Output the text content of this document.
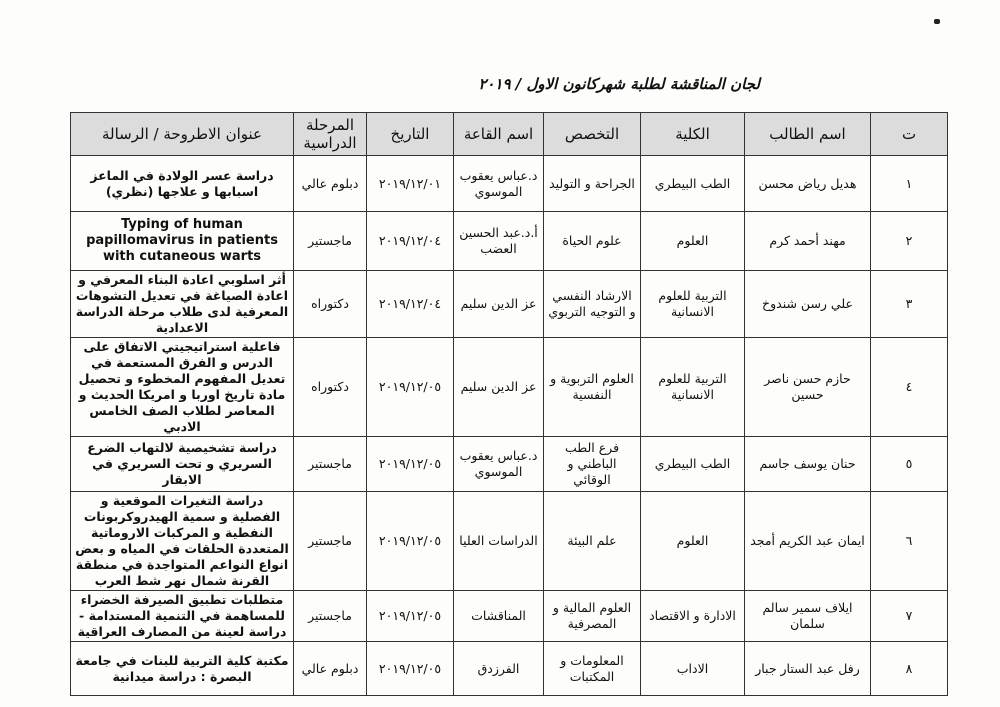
لجان المناقشة لطلبة شهركانون الاول / ٢٠١٩
ت	اسم الطالب	الكلية	التخصص	اسم القاعة	التاريخ	المرحلة الدراسية	عنوان الاطروحة / الرسالة
١	هديل رياض محسن	الطب البيطري	الجراحة و التوليد	د.عباس يعقوب الموسوي	٢٠١٩/١٢/٠١	دبلوم عالي	دراسة عسر الولادة في الماعز اسبابها و علاجها (نظري)
٢	مهند أحمد كرم	العلوم	علوم الحياة	أ.د.عبد الحسين العضب	٢٠١٩/١٢/٠٤	ماجستير	Typing of human papillomavirus in patients with cutaneous warts
٣	علي رسن شندوخ	التربية للعلوم الانسانية	الارشاد النفسي و التوجيه التربوي	عز الدين سليم	٢٠١٩/١٢/٠٤	دكتوراه	أثر اسلوبي اعادة البناء المعرفي و اعادة الصياغة في تعديل التشوهات المعرفية لدى طلاب مرحلة الدراسة الاعدادية
٤	حازم حسن ناصر حسين	التربية للعلوم الانسانية	العلوم التربوية و النفسية	عز الدين سليم	٢٠١٩/١٢/٠٥	دكتوراه	فاعلية استراتيجيتي الاتفاق على الدرس و الفرق المستعمة في تعديل المفهوم المخطوء و تحصيل مادة تاريخ اوربا و امريكا الحديث و المعاصر لطلاب الصف الخامس الادبي
٥	حنان يوسف جاسم	الطب البيطري	فرع الطب الباطني و الوقائي	د.عباس يعقوب الموسوي	٢٠١٩/١٢/٠٥	ماجستير	دراسة تشخيصية لالتهاب الضرع السريري و تحت السريري في الابقار
٦	ايمان عبد الكريم أمجد	العلوم	علم البيئة	الدراسات العليا	٢٠١٩/١٢/٠٥	ماجستير	دراسة التغيرات الموقعية و الفصلية و سمية الهيدروكربونات النفطية و المركبات الاروماتية المتعددة الحلقات في المياه و بعض انواع النواعم المتواجدة في منطقة القرنة شمال نهر شط العرب
٧	ايلاف سمير سالم سلمان	الادارة و الاقتصاد	العلوم المالية و المصرفية	المناقشات	٢٠١٩/١٢/٠٥	ماجستير	متطلبات تطبيق الصيرفة الخضراء للمساهمة في التنمية المستدامة - دراسة لعينة من المصارف العراقية
٨	رفل عبد الستار جبار	الاداب	المعلومات و المكتبات	الفرزدق	٢٠١٩/١٢/٠٥	دبلوم عالي	مكتبة كلية التربية للبنات في جامعة البصرة : دراسة ميدانية
